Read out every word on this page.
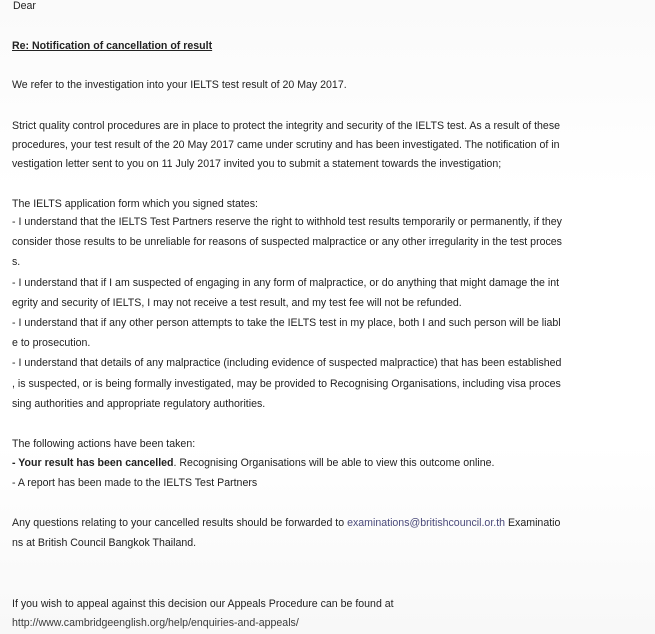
Dear
Re: Notification of cancellation of result
We refer to the investigation into your IELTS test result of 20 May 2017.
Strict quality control procedures are in place to protect the integrity and security of the IELTS test. As a result of these
procedures, your test result of the 20 May 2017 came under scrutiny and has been investigated. The notification of in
vestigation letter sent to you on 11 July 2017 invited you to submit a statement towards the investigation;
The IELTS application form which you signed states:
- I understand that the IELTS Test Partners reserve the right to withhold test results temporarily or permanently, if they
consider those results to be unreliable for reasons of suspected malpractice or any other irregularity in the test proces
s.
- I understand that if I am suspected of engaging in any form of malpractice, or do anything that might damage the int
egrity and security of IELTS, I may not receive a test result, and my test fee will not be refunded.
- I understand that if any other person attempts to take the IELTS test in my place, both I and such person will be liabl
e to prosecution.
- I understand that details of any malpractice (including evidence of suspected malpractice) that has been established
, is suspected, or is being formally investigated, may be provided to Recognising Organisations, including visa proces
sing authorities and appropriate regulatory authorities.
The following actions have been taken:
- Your result has been cancelled. Recognising Organisations will be able to view this outcome online.
- A report has been made to the IELTS Test Partners
Any questions relating to your cancelled results should be forwarded to examinations@britishcouncil.or.th Examinatio
ns at British Council Bangkok Thailand.
If you wish to appeal against this decision our Appeals Procedure can be found at
http://www.cambridgeenglish.org/help/enquiries-and-appeals/
